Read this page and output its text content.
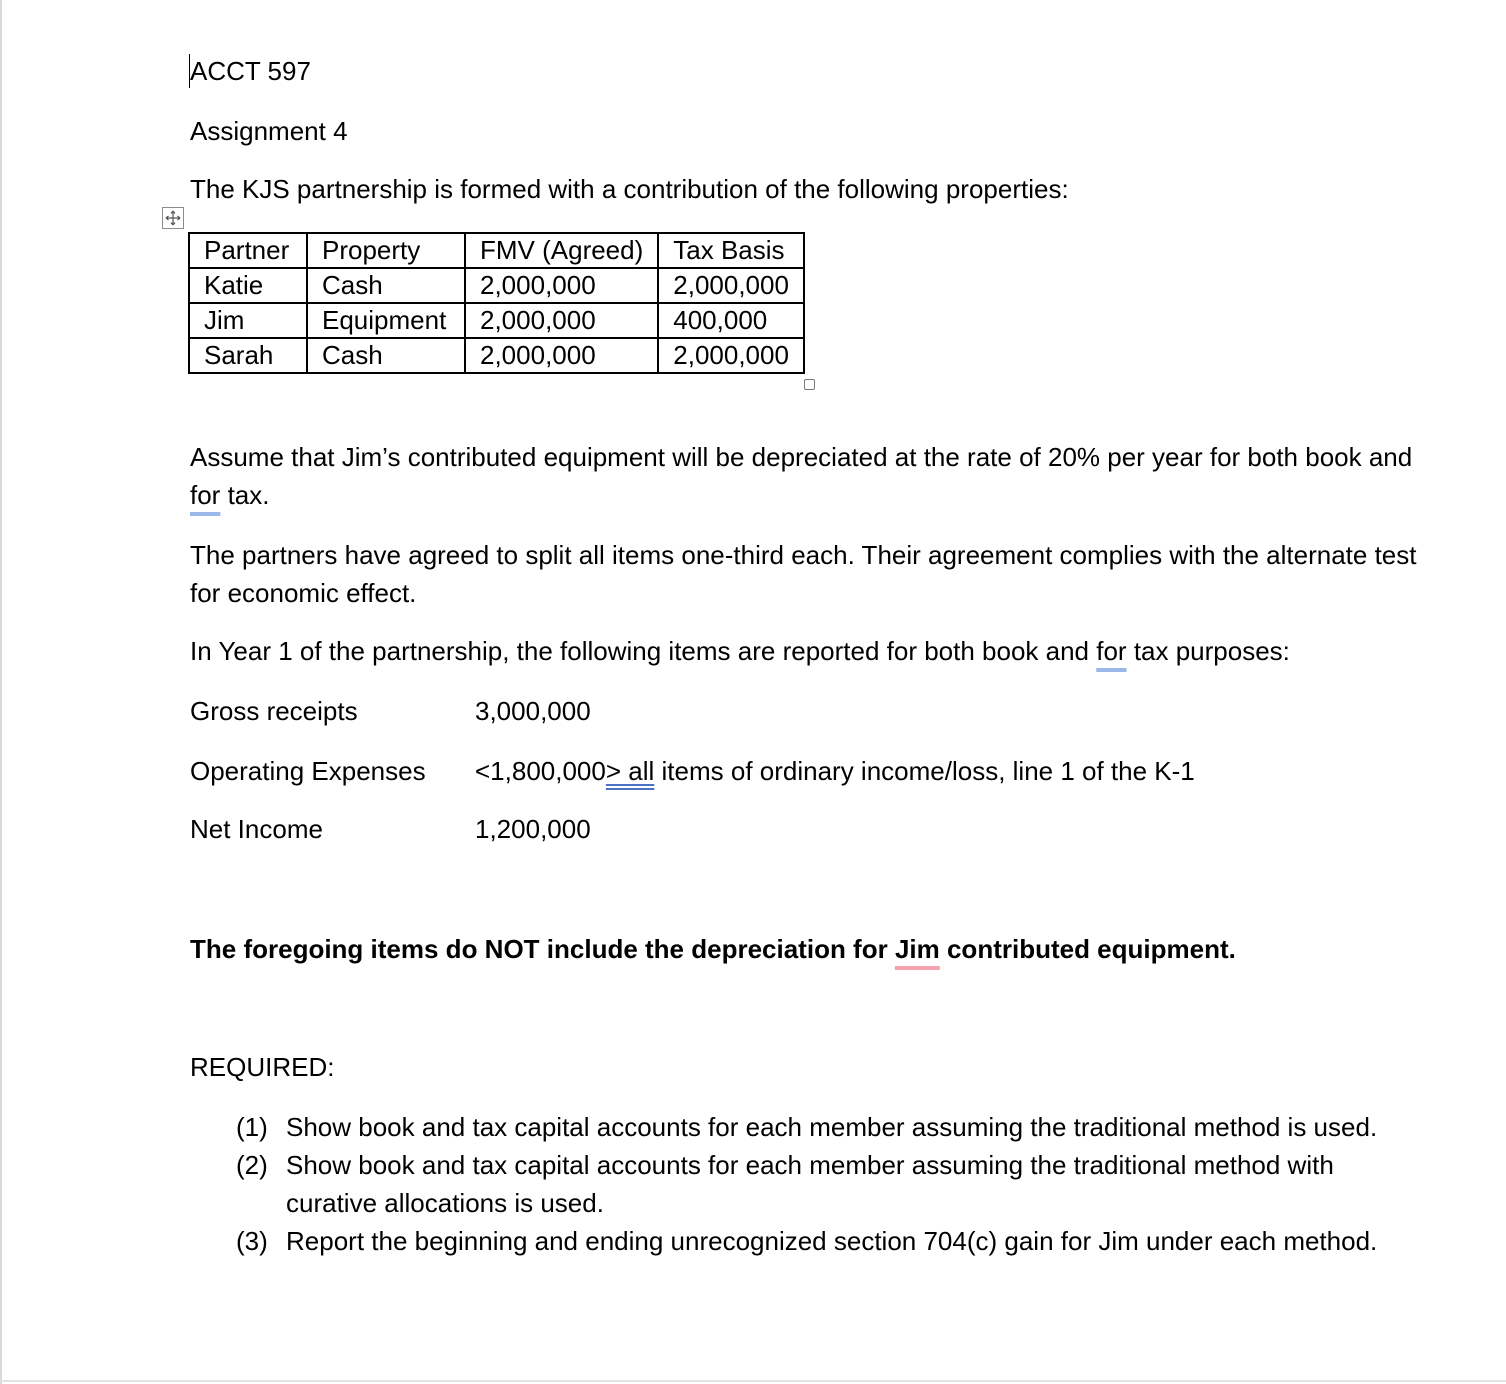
ACCT 597
Assignment 4
The KJS partnership is formed with a contribution of the following properties:
Partner	Property	FMV (Agreed)	Tax Basis
Katie	Cash	2,000,000	2,000,000
Jim	Equipment	2,000,000	400,000
Sarah	Cash	2,000,000	2,000,000
Assume that Jim’s contributed equipment will be depreciated at the rate of 20% per year for both book and for tax.
The partners have agreed to split all items one-third each. Their agreement complies with the alternate test for economic effect.
In Year 1 of the partnership, the following items are reported for both book and for tax purposes:
Gross receipts	3,000,000
Operating Expenses <1,800,000> all items of ordinary income/loss, line 1 of the K-1
Net Income	1,200,000
The foregoing items do NOT include the depreciation for Jim contributed equipment.
REQUIRED:
(1) Show book and tax capital accounts for each member assuming the traditional method is used.
(2) Show book and tax capital accounts for each member assuming the traditional method with curative allocations is used.
(3) Report the beginning and ending unrecognized section 704(c) gain for Jim under each method.
